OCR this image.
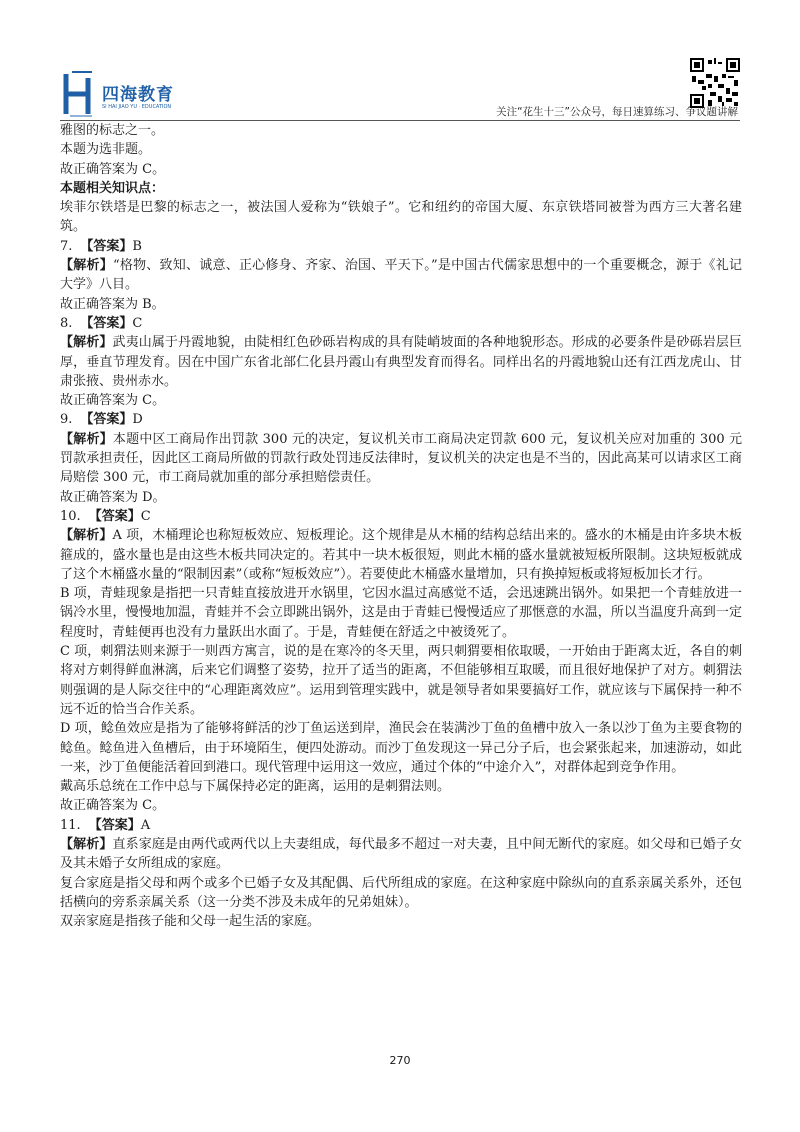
四海教育
SI HAI JIAO YU · EDUCATION	关注“花生十三”公众号，每日速算练习、争议题讲解

雅图的标志之一。

本题为选非题。

故正确答案为 C。

本题相关知识点：

埃菲尔铁塔是巴黎的标志之一，被法国人爱称为“铁娘子”。它和纽约的帝国大厦、东京铁塔同被誉为西方三大著名建筑。

7. 【答案】B

【解析】“格物、致知、诚意、正心修身、齐家、治国、平天下。”是中国古代儒家思想中的一个重要概念，源于《礼记大学》八目。

故正确答案为 B。

8. 【答案】C

【解析】武夷山属于丹霞地貌，由陡相红色砂砾岩构成的具有陡峭坡面的各种地貌形态。形成的必要条件是砂砾岩层巨厚，垂直节理发育。因在中国广东省北部仁化县丹霞山有典型发育而得名。同样出名的丹霞地貌山还有江西龙虎山、甘肃张掖、贵州赤水。

故正确答案为 C。

9. 【答案】D

【解析】本题中区工商局作出罚款 300 元的决定，复议机关市工商局决定罚款 600 元，复议机关应对加重的 300 元罚款承担责任，因此区工商局所做的罚款行政处罚违反法律时，复议机关的决定也是不当的，因此高某可以请求区工商局赔偿 300 元，市工商局就加重的部分承担赔偿责任。

故正确答案为 D。

10. 【答案】C

【解析】A 项，木桶理论也称短板效应、短板理论。这个规律是从木桶的结构总结出来的。盛水的木桶是由许多块木板箍成的，盛水量也是由这些木板共同决定的。若其中一块木板很短，则此木桶的盛水量就被短板所限制。这块短板就成了这个木桶盛水量的“限制因素”（或称“短板效应”）。若要使此木桶盛水量增加，只有换掉短板或将短板加长才行。

B 项，青蛙现象是指把一只青蛙直接放进开水锅里，它因水温过高感觉不适，会迅速跳出锅外。如果把一个青蛙放进一锅冷水里，慢慢地加温，青蛙并不会立即跳出锅外，这是由于青蛙已慢慢适应了那惬意的水温，所以当温度升高到一定程度时，青蛙便再也没有力量跃出水面了。于是，青蛙便在舒适之中被烫死了。

C 项，刺猬法则来源于一则西方寓言，说的是在寒冷的冬天里，两只刺猬要相依取暖，一开始由于距离太近，各自的刺将对方刺得鲜血淋漓，后来它们调整了姿势，拉开了适当的距离，不但能够相互取暖，而且很好地保护了对方。刺猬法则强调的是人际交往中的“心理距离效应”。运用到管理实践中，就是领导者如果要搞好工作，就应该与下属保持一种不远不近的恰当合作关系。

D 项，鲶鱼效应是指为了能够将鲜活的沙丁鱼运送到岸，渔民会在装满沙丁鱼的鱼槽中放入一条以沙丁鱼为主要食物的鲶鱼。鲶鱼进入鱼槽后，由于环境陌生，便四处游动。而沙丁鱼发现这一异己分子后，也会紧张起来，加速游动，如此一来，沙丁鱼便能活着回到港口。现代管理中运用这一效应，通过个体的“中途介入”，对群体起到竞争作用。

戴高乐总统在工作中总与下属保持必定的距离，运用的是刺猬法则。

故正确答案为 C。

11. 【答案】A

【解析】直系家庭是由两代或两代以上夫妻组成，每代最多不超过一对夫妻，且中间无断代的家庭。如父母和已婚子女及其未婚子女所组成的家庭。

复合家庭是指父母和两个或多个已婚子女及其配偶、后代所组成的家庭。在这种家庭中除纵向的直系亲属关系外，还包括横向的旁系亲属关系（这一分类不涉及未成年的兄弟姐妹）。

双亲家庭是指孩子能和父母一起生活的家庭。

270
